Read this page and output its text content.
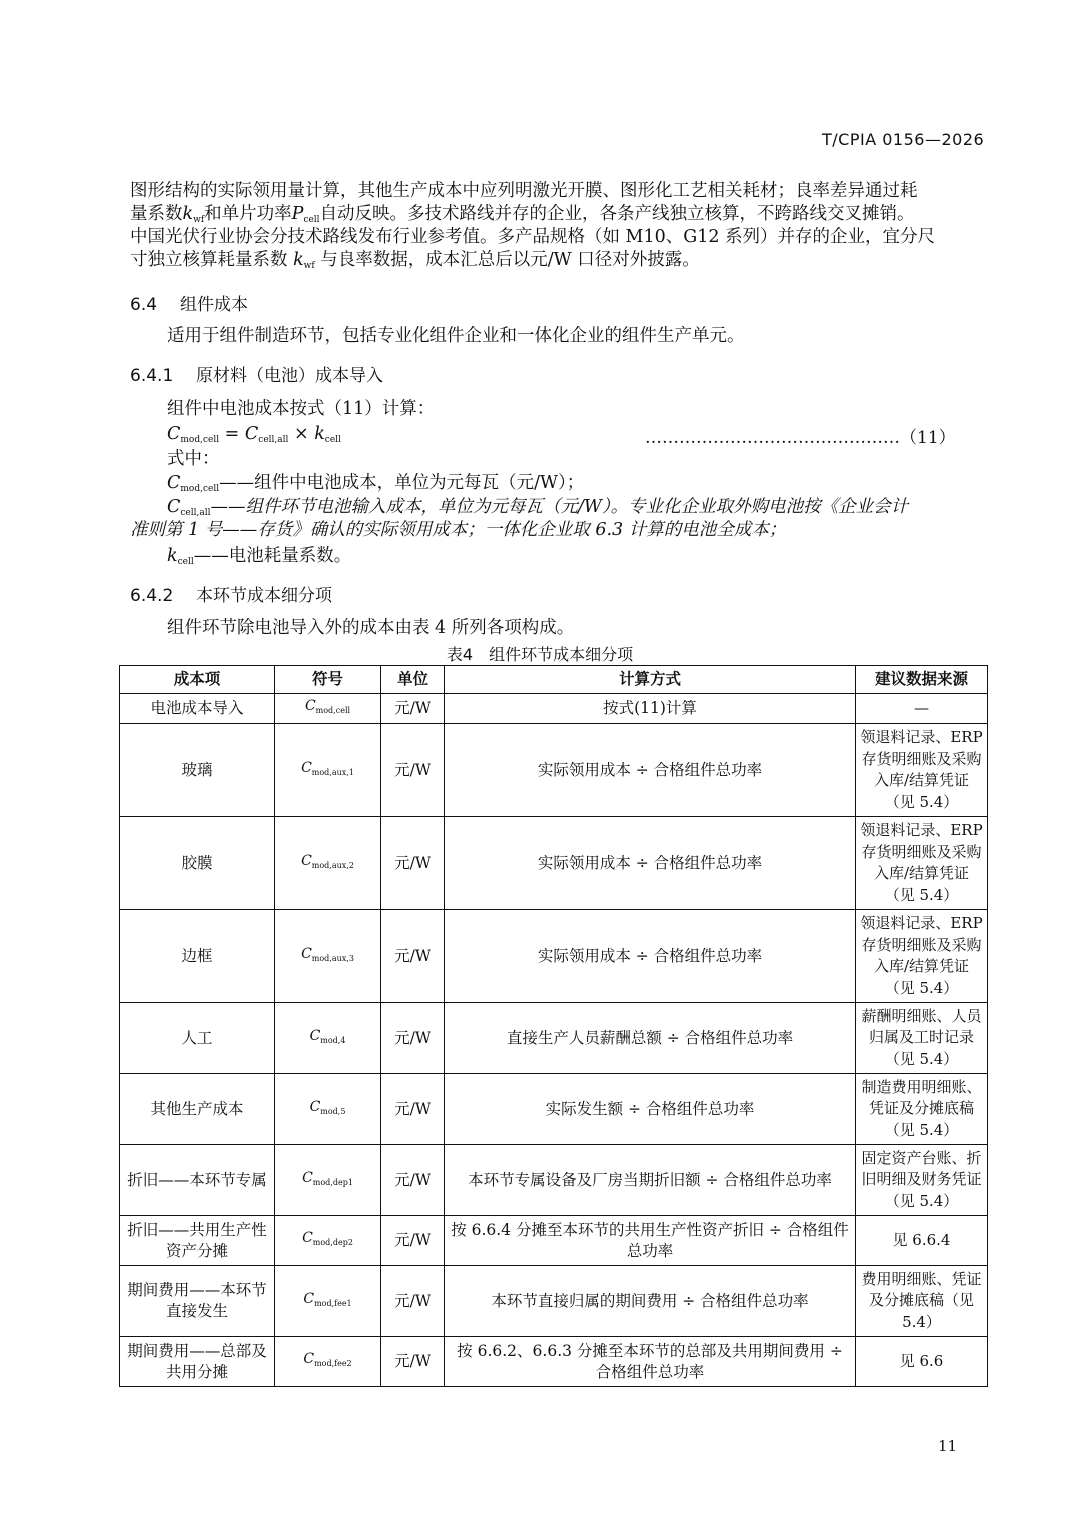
T/CPIA 0156—2026
图形结构的实际领用量计算，其他生产成本中应列明激光开膜、图形化工艺相关耗材；良率差异通过耗
量系数$k_{wf}$和单片功率$P_{cell}$自动反映。多技术路线并存的企业，各条产线独立核算，不跨路线交叉摊销。
中国光伏行业协会分技术路线发布行业参考值。多产品规格（如 M10、G12 系列）并存的企业，宜分尺
寸独立核算耗量系数 $k_{wf}$ 与良率数据，成本汇总后以元/W 口径对外披露。
6.4 组件成本
适用于组件制造环节，包括专业化组件企业和一体化企业的组件生产单元。
6.4.1 原材料（电池）成本导入
组件中电池成本按式（11）计算：
$C_{mod,cell} = C_{cell,all} \times k_{cell}$	………………………………………（11）
式中：
$C_{mod,cell}——$组件中电池成本，单位为元每瓦（元/W）；
$C_{cell,all}——$组件环节电池输入成本，单位为元每瓦（元/W）。专业化企业取外购电池按《企业会计
准则第 1 号——存货》确认的实际领用成本；一体化企业取 6.3 计算的电池全成本；
$k_{cell}——$电池耗量系数。
6.4.2 本环节成本细分项
组件环节除电池导入外的成本由表 4 所列各项构成。
表4　组件环节成本细分项
成本项	符号	单位	计算方式	建议数据来源
电池成本导入	$C_{mod,cell}$	元/W	按式(11)计算	—
玻璃	$C_{mod,aux,1}$	元/W	实际领用成本 ÷ 合格组件总功率	领退料记录、ERP 存货明细账及采购入库/结算凭证（见 5.4）
胶膜	$C_{mod,aux,2}$	元/W	实际领用成本 ÷ 合格组件总功率	领退料记录、ERP 存货明细账及采购入库/结算凭证（见 5.4）
边框	$C_{mod,aux,3}$	元/W	实际领用成本 ÷ 合格组件总功率	领退料记录、ERP 存货明细账及采购入库/结算凭证（见 5.4）
人工	$C_{mod,4}$	元/W	直接生产人员薪酬总额 ÷ 合格组件总功率	薪酬明细账、人员归属及工时记录（见 5.4）
其他生产成本	$C_{mod,5}$	元/W	实际发生额 ÷ 合格组件总功率	制造费用明细账、凭证及分摊底稿（见 5.4）
折旧——本环节专属	$C_{mod,dep1}$	元/W	本环节专属设备及厂房当期折旧额 ÷ 合格组件总功率	固定资产台账、折旧明细及财务凭证（见 5.4）
折旧——共用生产性资产分摊	$C_{mod,dep2}$	元/W	按 6.6.4 分摊至本环节的共用生产性资产折旧 ÷ 合格组件总功率	见 6.6.4
期间费用——本环节直接发生	$C_{mod,fee1}$	元/W	本环节直接归属的期间费用 ÷ 合格组件总功率	费用明细账、凭证及分摊底稿（见 5.4）
期间费用——总部及共用分摊	$C_{mod,fee2}$	元/W	按 6.6.2、6.6.3 分摊至本环节的总部及共用期间费用 ÷ 合格组件总功率	见 6.6
11
